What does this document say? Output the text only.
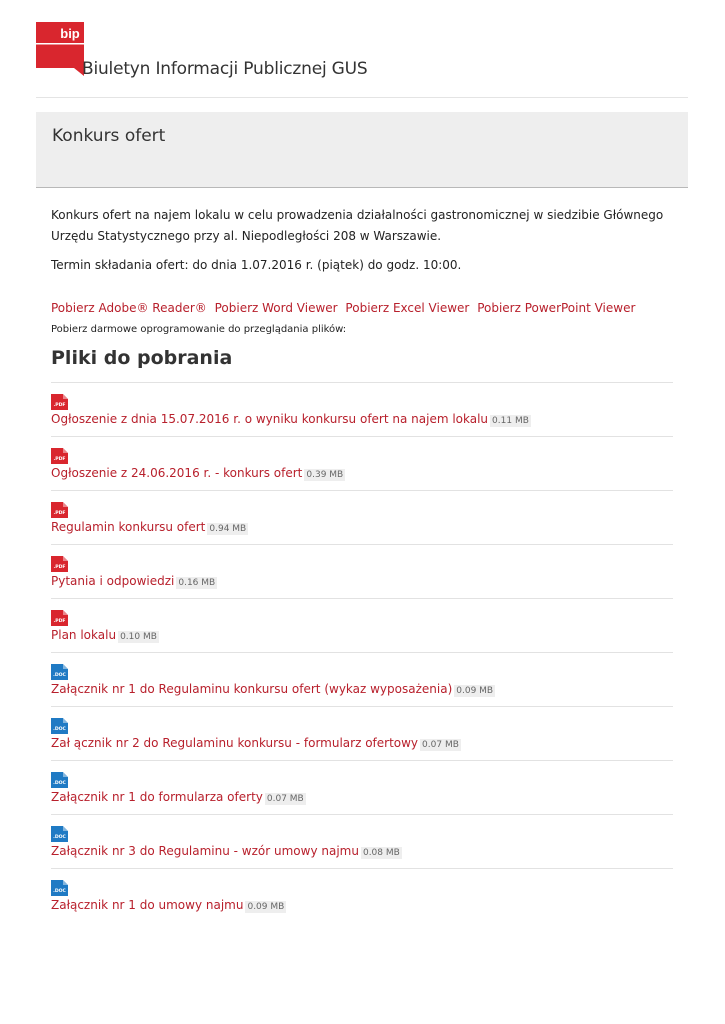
bip
Biuletyn Informacji Publicznej GUS
Konkurs ofert

Konkurs ofert na najem lokalu w celu prowadzenia działalności gastronomicznej w siedzibie Głównego Urzędu Statystycznego przy al. Niepodległości 208 w Warszawie.

Termin składania ofert: do dnia 1.07.2016 r. (piątek) do godz. 10:00.

Pobierz Adobe® Reader® Pobierz Word Viewer Pobierz Excel Viewer Pobierz PowerPoint Viewer Pobierz darmowe oprogramowanie do przeglądania plików:

Pliki do pobrania
.PDF
Ogłoszenie z dnia 15.07.2016 r. o wyniku konkursu ofert na najem lokalu 0.11 MB
.PDF
Ogłoszenie z 24.06.2016 r. - konkurs ofert 0.39 MB
.PDF
Regulamin konkursu ofert 0.94 MB
.PDF
Pytania i odpowiedzi 0.16 MB
.PDF
Plan lokalu 0.10 MB
.DOC
Załącznik nr 1 do Regulaminu konkursu ofert (wykaz wyposażenia) 0.09 MB
.DOC
Zał ącznik nr 2 do Regulaminu konkursu - formularz ofertowy 0.07 MB
.DOC
Załącznik nr 1 do formularza oferty 0.07 MB
.DOC
Załącznik nr 3 do Regulaminu - wzór umowy najmu 0.08 MB
.DOC
Załącznik nr 1 do umowy najmu 0.09 MB
